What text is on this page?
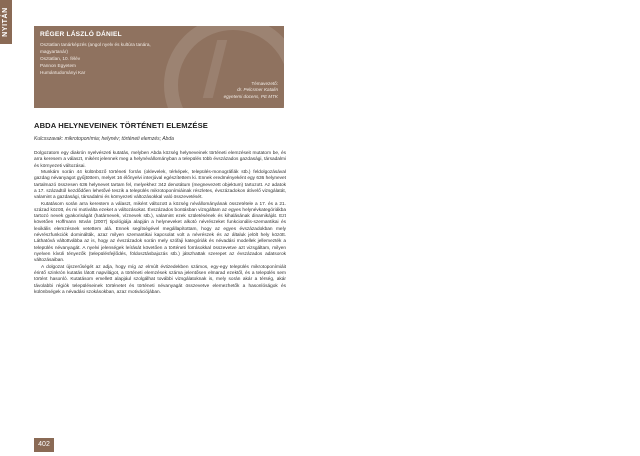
NYITÁN	RÉGER LÁSZLÓ DÁNIEL
Osztatlan tanárképzés (angol nyelv és kultúra tanára,
magyartanár)
Osztatlan, 10. félév
Pannon Egyetem
Humántudományi Kar
Témavezető:
dr. Pelcsmer Katalin
egyetemi docens, PE MTK
ABDA HELYNEVEINEK TÖRTÉNETI ELEMZÉSE
Kulcsszavak: mikrotoponímia; helynév; történeti elemzés; Abda

Dolgozatom egy diakrón nyelvészeti kutatás, melyben Abda község helyneveinek történeti elemzéseit mutatom be, és arra keresem a választ, miként jelennek meg a helynévállományban a település több évszázados gazdasági, társadalmi és környezeti változásai.

Munkám során 44 különböző történeti forrás (oklevelek, térképek, település-monográfiák stb.) feldolgozásával gazdag névanyagot gyűjtöttem, melyet 16 élőnyelvi interjúval egészítettem ki. Ennek eredményeként egy 636 helynevet tartalmazó összesen 636 helynevet tartam fel, melyekhez 342 denotátum (megnevezett objektum) tartozott. Az adatok a 17. századtól kezdődően lehetővé teszik a település mikrotoponímiáinak részletes, évszázadokon átívelő vizsgálatát, valamint a gazdasági, társadalmi és környezeti változásokkal való összevetését.

Kutatásom során arra kerestem a választ, miként változott a község névállományának összetétele a 17. és a 21. század között, és mi motiválta ezeket a változásokat. Évszázados bontásban vizsgáltam az egyes helynévkategóriákba tartozó nevek gyakoriságát (határnevek, víznevek stb.), valamint ezek születésének és kihalásának dinamikáját. Ezt követően Hoffmann István (2007) tipológiája alapján a helyneveket alkotó névrészeket funkcionális-szemantikai és lexikális elemzésnek vetettem alá. Ennek segítségével megállapítottam, hogy az egyes évszázadokban mely névrészfunkciók dominálták, azaz milyen szemantikai kapcsolat volt a névrészek és az általuk jelölt hely között. Láthatóvá váltottvábba az is, hogy az évszázadok során mely szófaji kategóriák és névadási modellek jellemezték a település névanyagát. A nyelvi jelenségek leírását követően a történeti forrásokkal összevetve azt vizsgáltam, milyen nyelven kívüli tényezők (településfejlődés, földosztásbajozás stb.) játszhattak szerepet az évszázados adatsorok változásaiban.

A dolgozat újszerűségét az adja, hogy míg az elmúlt évtizedekben számos, egy-egy település mikrotoponímiáit érintő szinkrón kutatás látott napvilágot, a történeti elemzések száma jelentősen elmarad ezektől, és a település sem történt hasonló. Kutatásom emellett alapjául szolgálhat további vizsgálatoknak is, mely során akár a térség, akár távolabbi régiók településeinek történetet és történeti névanyagát összevetve elemezhetők a hasonlóságok és különbségek a névadási szokásokban, azaz motivációjában.

402
